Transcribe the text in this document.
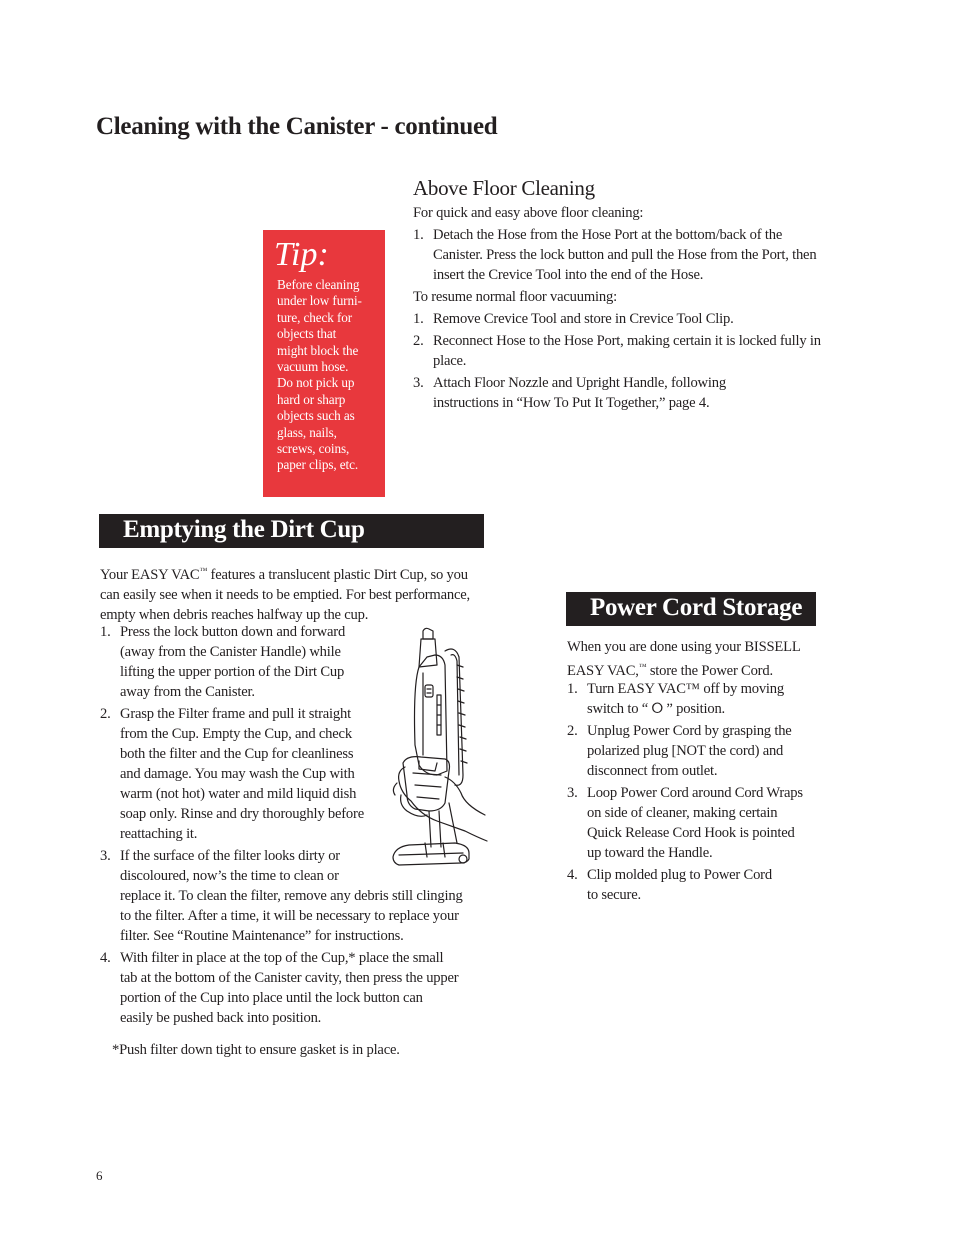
Cleaning with the Canister - continued
Above Floor Cleaning
For quick and easy above floor cleaning:
1. Detach the Hose from the Hose Port at the bottom/back of the Canister. Press the lock button and pull the Hose from the Port, then insert the Crevice Tool into the end of the Hose.
To resume normal floor vacuuming:
1. Remove Crevice Tool and store in Crevice Tool Clip.
2. Reconnect Hose to the Hose Port, making certain it is locked fully in place.
3. Attach Floor Nozzle and Upright Handle, following instructions in “How To Put It Together,” page 4.
Tip:
Before cleaning
under low furni-
ture, check for
objects that
might block the
vacuum hose.
Do not pick up
hard or sharp
objects such as
glass, nails,
screws, coins,
paper clips, etc.
Emptying the Dirt Cup
Your EASY VAC™ features a translucent plastic Dirt Cup, so you can easily see when it needs to be emptied. For best performance, empty when debris reaches halfway up the cup.
1. Press the lock button down and forward
(away from the Canister Handle) while
lifting the upper portion of the Dirt Cup
away from the Canister.
2. Grasp the Filter frame and pull it straight
from the Cup. Empty the Cup, and check
both the filter and the Cup for cleanliness
and damage. You may wash the Cup with
warm (not hot) water and mild liquid dish
soap only. Rinse and dry thoroughly before
reattaching it.
3. If the surface of the filter looks dirty or
discoloured, now’s the time to clean or
replace it. To clean the filter, remove any debris still clinging
to the filter. After a time, it will be necessary to replace your
filter. See “Routine Maintenance” for instructions.
4. With filter in place at the top of the Cup,* place the small
tab at the bottom of the Canister cavity, then press the upper
portion of the Cup into place until the lock button can
easily be pushed back into position.
*Push filter down tight to ensure gasket is in place.
Power Cord Storage
When you are done using your BISSELL
EASY VAC,™ store the Power Cord.
1. Turn EASY VAC™ off by moving
switch to “ ⭘ ” position.
2. Unplug Power Cord by grasping the
polarized plug [NOT the cord) and
disconnect from outlet.
3. Loop Power Cord around Cord Wraps
on side of cleaner, making certain
Quick Release Cord Hook is pointed
up toward the Handle.
4. Clip molded plug to Power Cord
to secure.
6
